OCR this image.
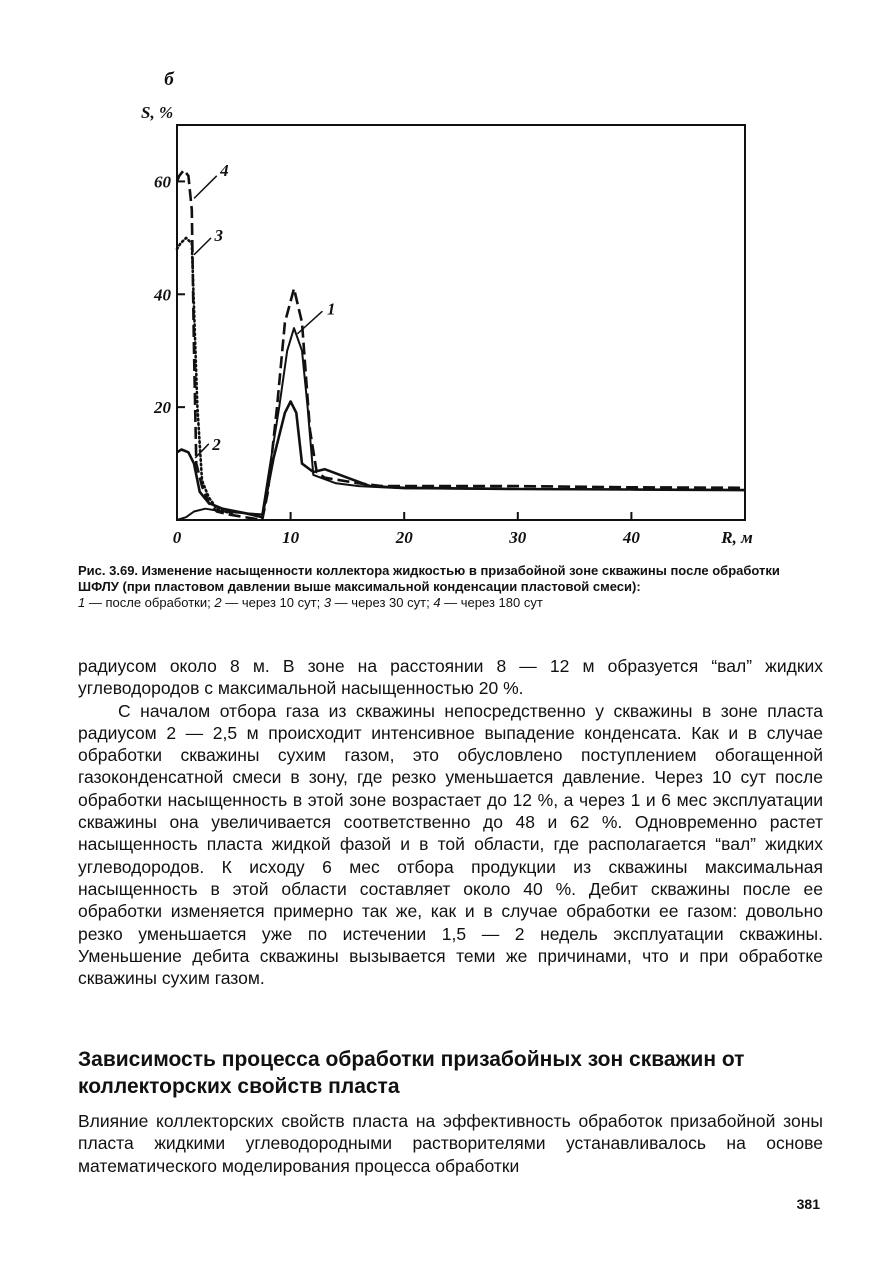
0	10	20	30	40	R, м
20
40
60
S, %
б
1
2
3
4
Рис. 3.69. Изменение насыщенности коллектора жидкостью в призабойной зоне скважины после обработки ШФЛУ (при пластовом давлении выше максимальной конденсации пластовой смеси):
1 — после обработки; 2 — через 10 сут; 3 — через 30 сут; 4 — через 180 сут

радиусом около 8 м. В зоне на расстоянии 8 — 12 м образуется “вал” жидких углеводородов с максимальной насыщенностью 20 %.

С началом отбора газа из скважины непосредственно у скважины в зоне пласта радиусом 2 — 2,5 м происходит интенсивное выпадение конденсата. Как и в случае обработки скважины сухим газом, это обусловлено поступлением обогащенной газоконденсатной смеси в зону, где резко уменьшается давление. Через 10 сут после обработки насыщенность в этой зоне возрастает до 12 %, а через 1 и 6 мес эксплуатации скважины она увеличивается соответственно до 48 и 62 %. Одновременно растет насыщенность пласта жидкой фазой и в той области, где располагается “вал” жидких углеводородов. К исходу 6 мес отбора продукции из скважины максимальная насыщенность в этой области составляет около 40 %. Дебит скважины после ее обработки изменяется примерно так же, как и в случае обработки ее газом: довольно резко уменьшается уже по истечении 1,5 — 2 недель эксплуатации скважины. Уменьшение дебита скважины вызывается теми же причинами, что и при обработке скважины сухим газом.

Зависимость процесса обработки призабойных зон скважин от коллекторских свойств пласта

Влияние коллекторских свойств пласта на эффективность обработок призабойной зоны пласта жидкими углеводородными растворителями устанавливалось на основе математического моделирования процесса обработки

381
